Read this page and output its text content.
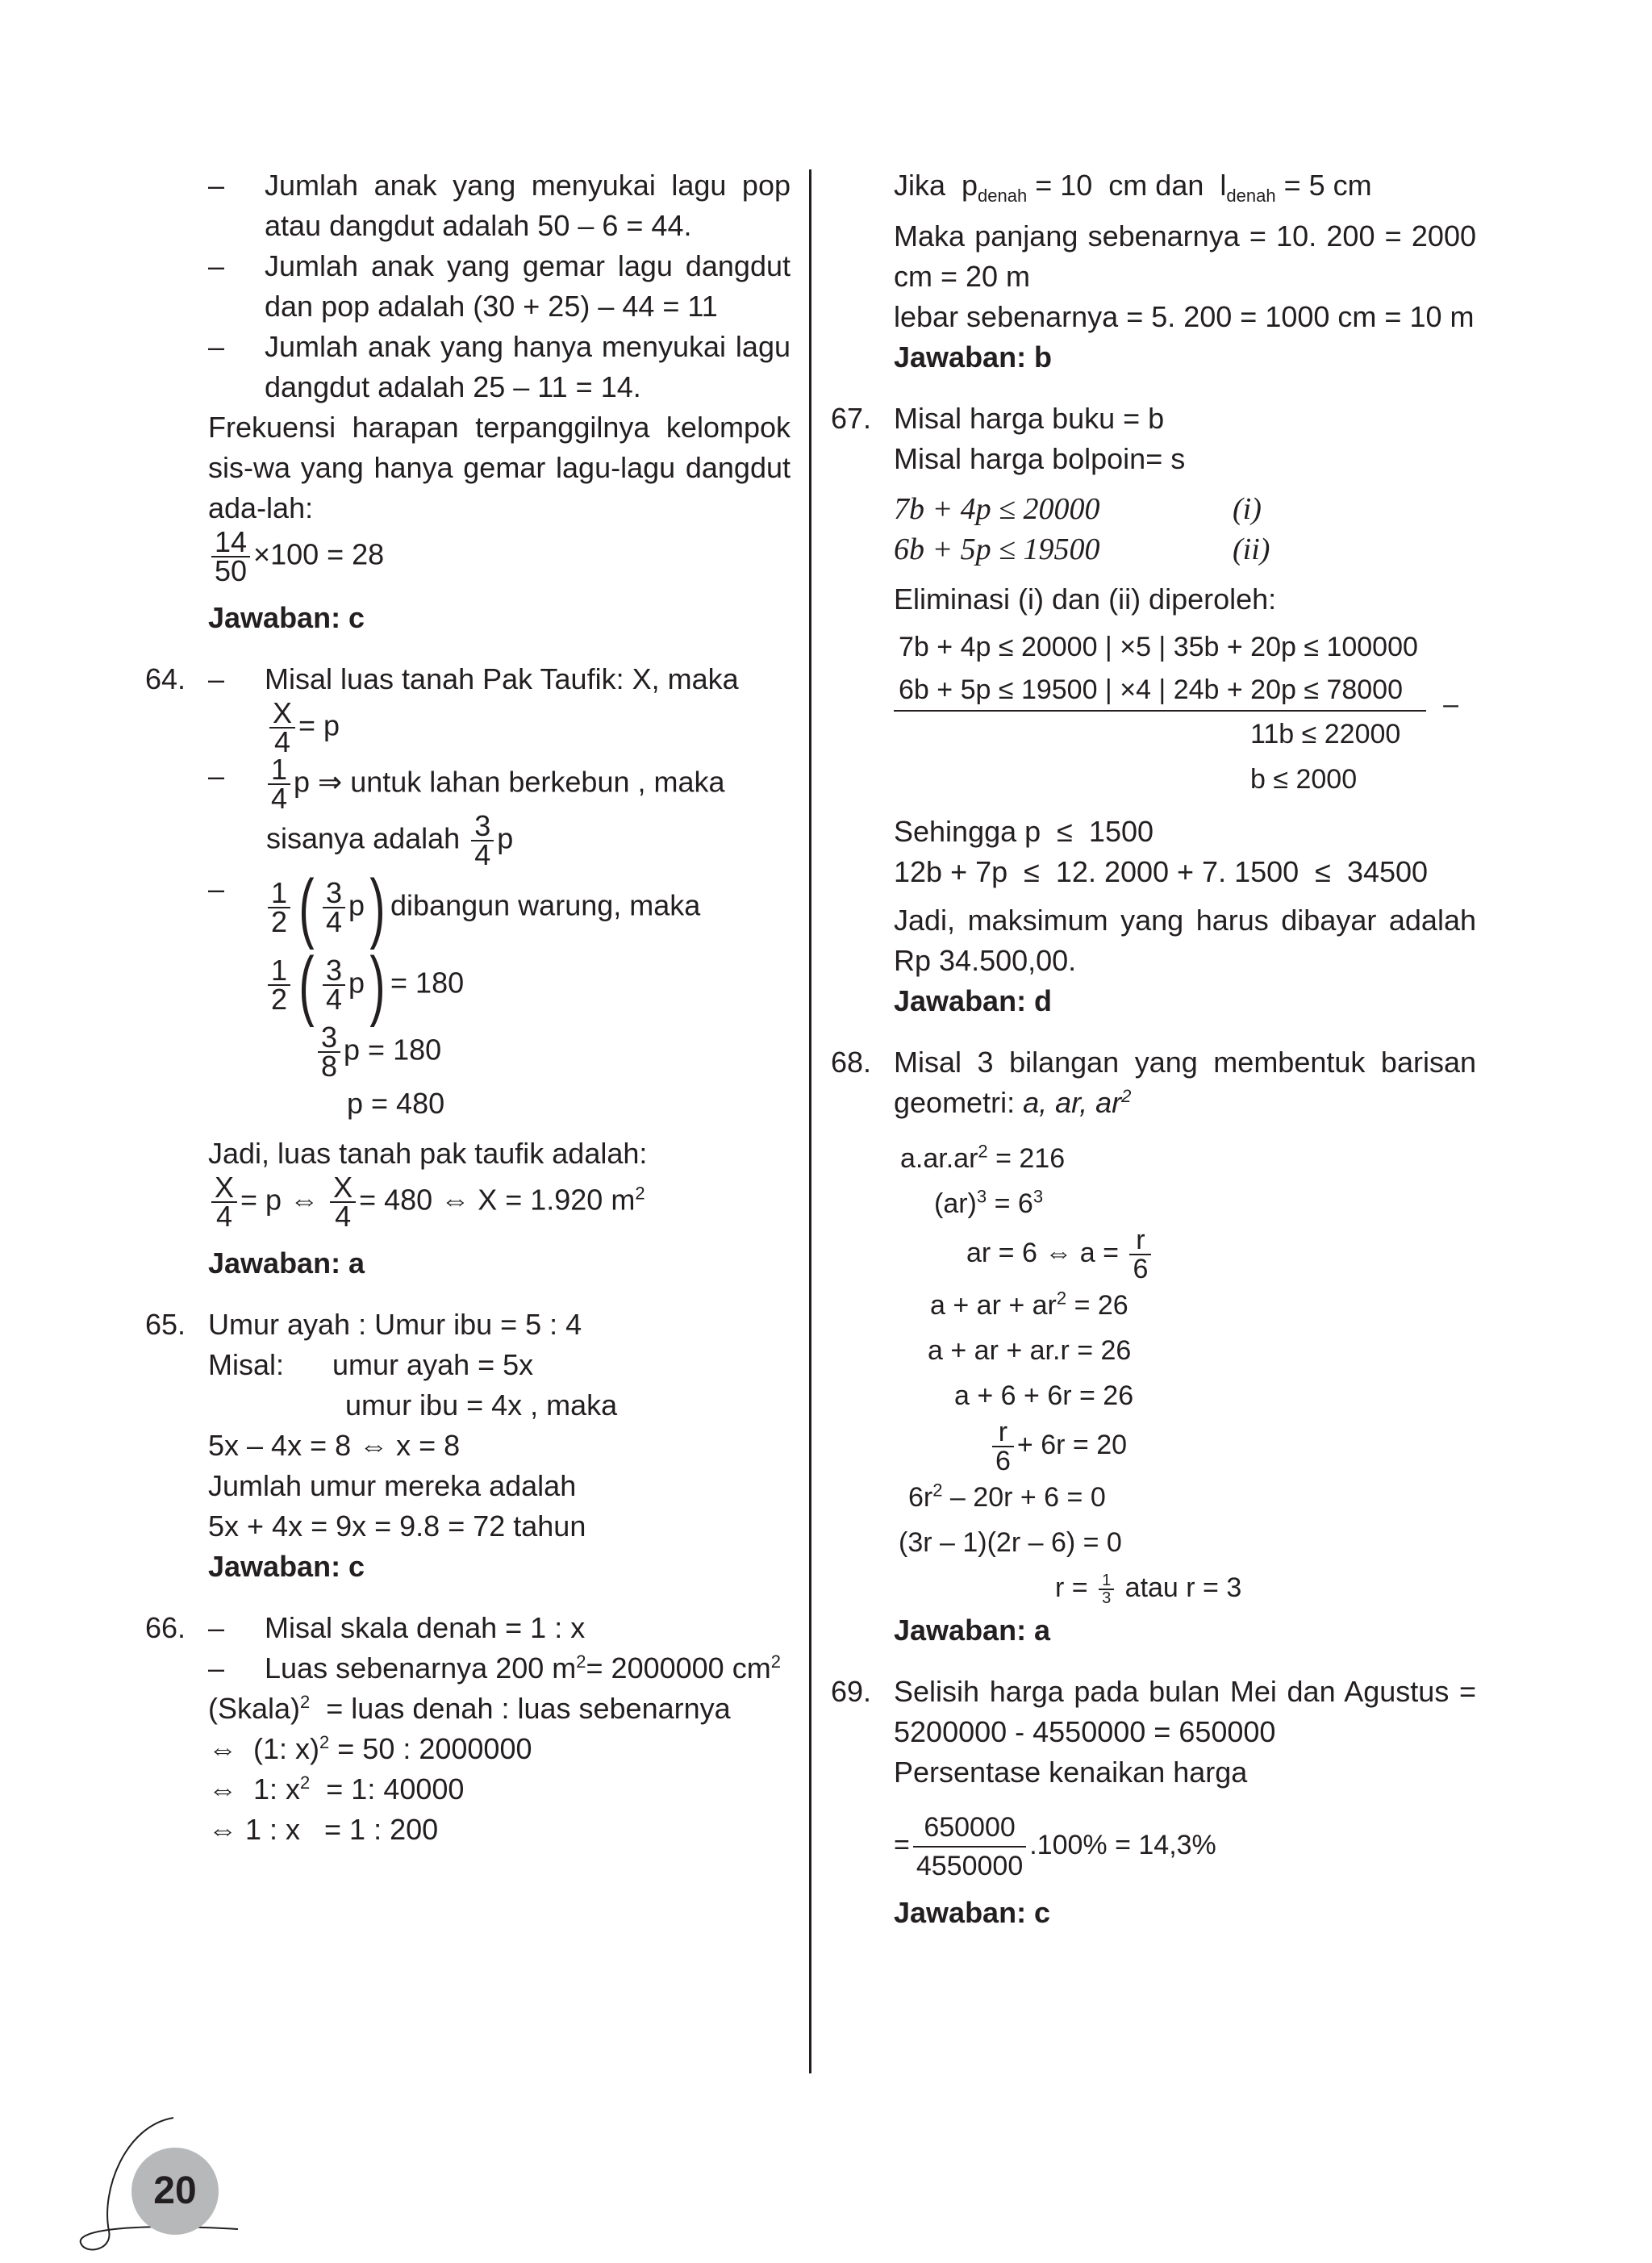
– Jumlah anak yang menyukai lagu pop atau dangdut adalah 50 – 6 = 44.
– Jumlah anak yang gemar lagu dangdut dan pop adalah (30 + 25) – 44 = 11
– Jumlah anak yang hanya menyukai lagu dangdut adalah 25 – 11 = 14.
Frekuensi harapan terpanggilnya kelompok sis-wa yang hanya gemar lagu-lagu dangdut ada-lah:
$\frac{14}{50} \times 100 = 28$
Jawaban: c
– 64.	Misal luas tanah Pak Taufik: X, maka
$\frac{X}{4} = p$
– $\frac{1}{4}$ p ⇒ untuk lahan berkebun , maka
sisanya adalah $\frac{3}{4}$ p
– $\frac{1}{2}$ ( $\frac{3}{4} p$) dibangun warung, maka
$\frac{1}{2}$ ( $\frac{3}{4} p) = 180$
$\frac{3}{8}$ p = 180
p = 480
Jadi, luas tanah pak taufik adalah:
$\frac{X}{4} = p$ ⇔ $\frac{X}{4} = 480$ ⇔ X = 1.920 $m^2$
Jawaban: a
65. Umur ayah : Umur ibu = 5 : 4
Misal:      umur ayah = 5x
umur ibu = 4x , maka
5x – 4x = 8 ⇔ x = 8
Jumlah umur mereka adalah
5x + 4x = 9x = 9.8 = 72 tahun
Jawaban: c
– 66.	Misal skala denah = 1 : x
– Luas sebenarnya 200 $m^2= 2000000$ $cm^2$
(Skala)$^2$  = luas denah : luas sebenarnya
⇔  (1: x)$^2$ = 50 : 2000000
⇔  1: $x^2 = 1$: 40000
⇔ 1 : x   = 1 : 200
Jika  $p_{denah} = 10$  cm dan  $l_{denah} = 5$ cm
Maka panjang sebenarnya = 10. 200 = 2000 cm = 20 m
lebar sebenarnya = 5. 200 = 1000 cm = 10 m
Jawaban: b
67. Misal harga buku = b
Misal harga bolpoin= s
7b + 4p ≤ 20000	(i)
6b + 5p ≤ 19500	(ii)
Eliminasi (i) dan (ii) diperoleh:
7b + 4p ≤ 20000 | ×5 | 35b + 20p ≤ 100000
6b + 5p ≤ 19500 | ×4 | 24b + 20p ≤ 78000 –
11b ≤ 22000
b ≤ 2000
Sehingga p  ≤  1500
12b + 7p  ≤  12. 2000 + 7. 1500  ≤  34500
Jadi, maksimum yang harus dibayar adalah Rp 34.500,00.
Jawaban: d
68. Misal 3 bilangan yang membentuk barisan geometri: a, ar, $ar^2$
$a.ar.ar^2 = 216$
$(ar)^3 = 6^3$
ar = 6 ⇔ $a = \frac{r}{6}$
a + ar + $ar^2 = 26$
a + ar + ar.r = 26
a + 6 + 6r = 26
$\frac{r}{6} + 6r = 20$
$6r^2 - 20r + 6 = 0$
(3r – 1)(2r – 6) = 0
$r = \frac{1}{3}$ atau r = 3
Jawaban: a
69. Selisih harga pada bulan Mei dan Agustus = 5200000 - 4550000 = 650000
Persentase kenaikan harga
= $\frac{650000}{4550000} .100\% = 14,3\%$
Jawaban: c
20
